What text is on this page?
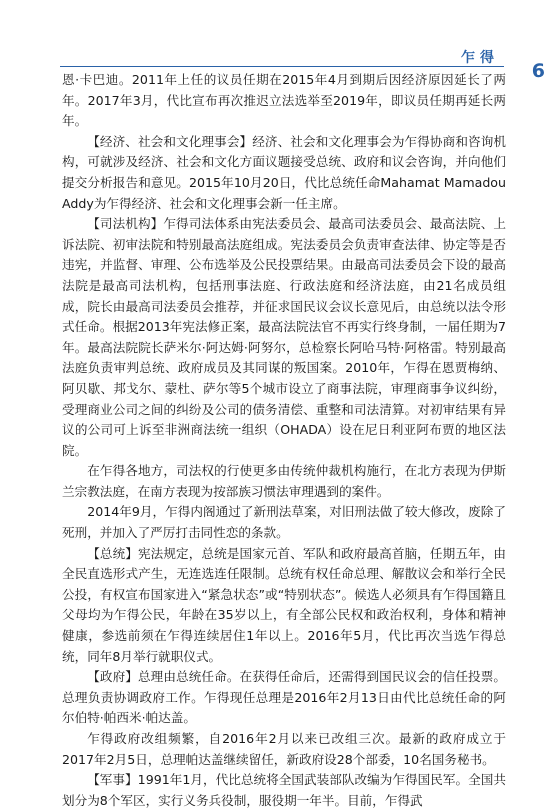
乍得
6

恩·卡巴迪。2011年上任的议员任期在2015年4月到期后因经济原因延长了两年。2017年3月，代比宣布再次推迟立法选举至2019年，即议员任期再延长两年。

【经济、社会和文化理事会】经济、社会和文化理事会为乍得协商和咨询机构，可就涉及经济、社会和文化方面议题接受总统、政府和议会咨询，并向他们提交分析报告和意见。2015年10月20日，代比总统任命Mahamat Mamadou Addy为乍得经济、社会和文化理事会新一任主席。

【司法机构】乍得司法体系由宪法委员会、最高司法委员会、最高法院、上诉法院、初审法院和特别最高法庭组成。宪法委员会负责审查法律、协定等是否违宪，并监督、审理、公布选举及公民投票结果。由最高司法委员会下设的最高法院是最高司法机构，包括刑事法庭、行政法庭和经济法庭，由21名成员组成，院长由最高司法委员会推荐，并征求国民议会议长意见后，由总统以法令形式任命。根据2013年宪法修正案，最高法院法官不再实行终身制，一届任期为7年。最高法院院长萨米尔·阿达姆·阿努尔，总检察长阿哈马特·阿格雷。特别最高法庭负责审判总统、政府成员及其同谋的叛国案。2010年，乍得在恩贾梅纳、阿贝歇、邦戈尔、蒙杜、萨尔等5个城市设立了商事法院，审理商事争议纠纷，受理商业公司之间的纠纷及公司的债务清偿、重整和司法清算。对初审结果有异议的公司可上诉至非洲商法统一组织（OHADA）设在尼日利亚阿布贾的地区法院。

在乍得各地方，司法权的行使更多由传统仲裁机构施行，在北方表现为伊斯兰宗教法庭，在南方表现为按部族习惯法审理遇到的案件。

2014年9月，乍得内阁通过了新刑法草案，对旧刑法做了较大修改，废除了死刑，并加入了严厉打击同性恋的条款。

【总统】宪法规定，总统是国家元首、军队和政府最高首脑，任期五年，由全民直选形式产生，无连选连任限制。总统有权任命总理、解散议会和举行全民公投，有权宣布国家进入“紧急状态”或“特别状态”。候选人必须具有乍得国籍且父母均为乍得公民，年龄在35岁以上，有全部公民权和政治权利，身体和精神健康，参选前须在乍得连续居住1年以上。2016年5月，代比再次当选乍得总统，同年8月举行就职仪式。

【政府】总理由总统任命。在获得任命后，还需得到国民议会的信任投票。总理负责协调政府工作。乍得现任总理是2016年2月13日由代比总统任命的阿尔伯特·帕西米·帕达盖。

乍得政府改组频繁，自2016年2月以来已改组三次。最新的政府成立于2017年2月5日，总理帕达盖继续留任，新政府设28个部委，10名国务秘书。

【军事】1991年1月，代比总统将全国武装部队改编为乍得国民军。全国共划分为8个军区，实行义务兵役制，服役期一年半。目前，乍得武
